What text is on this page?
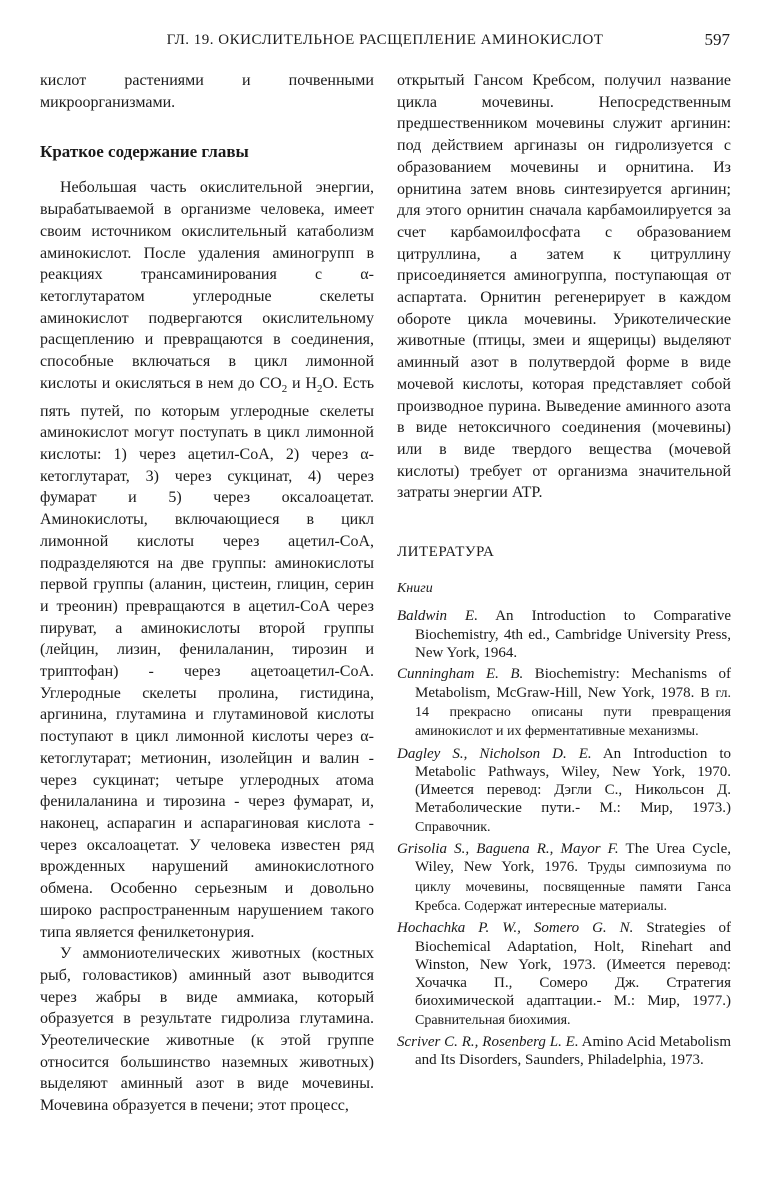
ГЛ. 19. ОКИСЛИТЕЛЬНОЕ РАСЩЕПЛЕНИЕ АМИНОКИСЛОТ	597

кислот растениями и почвенными микроорганизмами.

Краткое содержание главы

Небольшая часть окислительной энергии, вырабатываемой в организме человека, имеет своим источником окислительный катаболизм аминокислот. После удаления аминогрупп в реакциях трансаминирования с α-кетоглутаратом углеродные скелеты аминокислот подвергаются окислительному расщеплению и превращаются в соединения, способные включаться в цикл лимонной кислоты и окисляться в нем до $CO_2$ и $H_2O$. Есть пять путей, по которым углеродные скелеты аминокислот могут поступать в цикл лимонной кислоты: 1) через ацетил-CoA, 2) через α-кетоглутарат, 3) через сукцинат, 4) через фумарат и 5) через оксалоацетат. Аминокислоты, включающиеся в цикл лимонной кислоты через ацетил-CoA, подразделяются на две группы: аминокислоты первой группы (аланин, цистеин, глицин, серин и треонин) превращаются в ацетил-CoA через пируват, а аминокислоты второй группы (лейцин, лизин, фенилаланин, тирозин и триптофан) - через ацетоацетил-CoA. Углеродные скелеты пролина, гистидина, аргинина, глутамина и глутаминовой кислоты поступают в цикл лимонной кислоты через α-кетоглутарат; метионин, изолейцин и валин - через сукцинат; четыре углеродных атома фенилаланина и тирозина - через фумарат, и, наконец, аспарагин и аспарагиновая кислота - через оксалоацетат. У человека известен ряд врожденных нарушений аминокислотного обмена. Особенно серьезным и довольно широко распространенным нарушением такого типа является фенилкетонурия.

У аммониотелических животных (костных рыб, головастиков) аминный азот выводится через жабры в виде аммиака, который образуется в результате гидролиза глутамина. Уреотелические животные (к этой группе относится большинство наземных животных) выделяют аминный азот в виде мочевины. Мочевина образуется в печени; этот процесс,

открытый Гансом Кребсом, получил название цикла мочевины. Непосредственным предшественником мочевины служит аргинин: под действием аргиназы он гидролизуется с образованием мочевины и орнитина. Из орнитина затем вновь синтезируется аргинин; для этого орнитин сначала карбамоилируется за счет карбамоилфосфата с образованием цитруллина, а затем к цитруллину присоединяется аминогруппа, поступающая от аспартата. Орнитин регенерирует в каждом обороте цикла мочевины. Урикотелические животные (птицы, змеи и ящерицы) выделяют аминный азот в полутвердой форме в виде мочевой кислоты, которая представляет собой производное пурина. Выведение аминного азота в виде нетоксичного соединения (мочевины) или в виде твердого вещества (мочевой кислоты) требует от организма значительной затраты энергии ATP.

ЛИТЕРАТУРА
Книги
Baldwin E. An Introduction to Comparative Biochemistry, 4th ed., Cambridge University Press, New York, 1964.
Cunningham E. B. Biochemistry: Mechanisms of Metabolism, McGraw-Hill, New York, 1978. В гл. 14 прекрасно описаны пути превращения аминокислот и их ферментативные механизмы.
Dagley S., Nicholson D. E. An Introduction to Metabolic Pathways, Wiley, New York, 1970. (Имеется перевод: Дэгли С., Никольсон Д. Метаболические пути.- М.: Мир, 1973.) Справочник.
Grisolia S., Baguena R., Mayor F. The Urea Cycle, Wiley, New York, 1976. Труды симпозиума по циклу мочевины, посвященные памяти Ганса Кребса. Содержат интересные материалы.
Hochachka P. W., Somero G. N. Strategies of Biochemical Adaptation, Holt, Rinehart and Winston, New York, 1973. (Имеется перевод: Хочачка П., Сомеро Дж. Стратегия биохимической адаптации.- М.: Мир, 1977.) Сравнительная биохимия.
Scriver C. R., Rosenberg L. E. Amino Acid Metabolism and Its Disorders, Saunders, Philadelphia, 1973.
